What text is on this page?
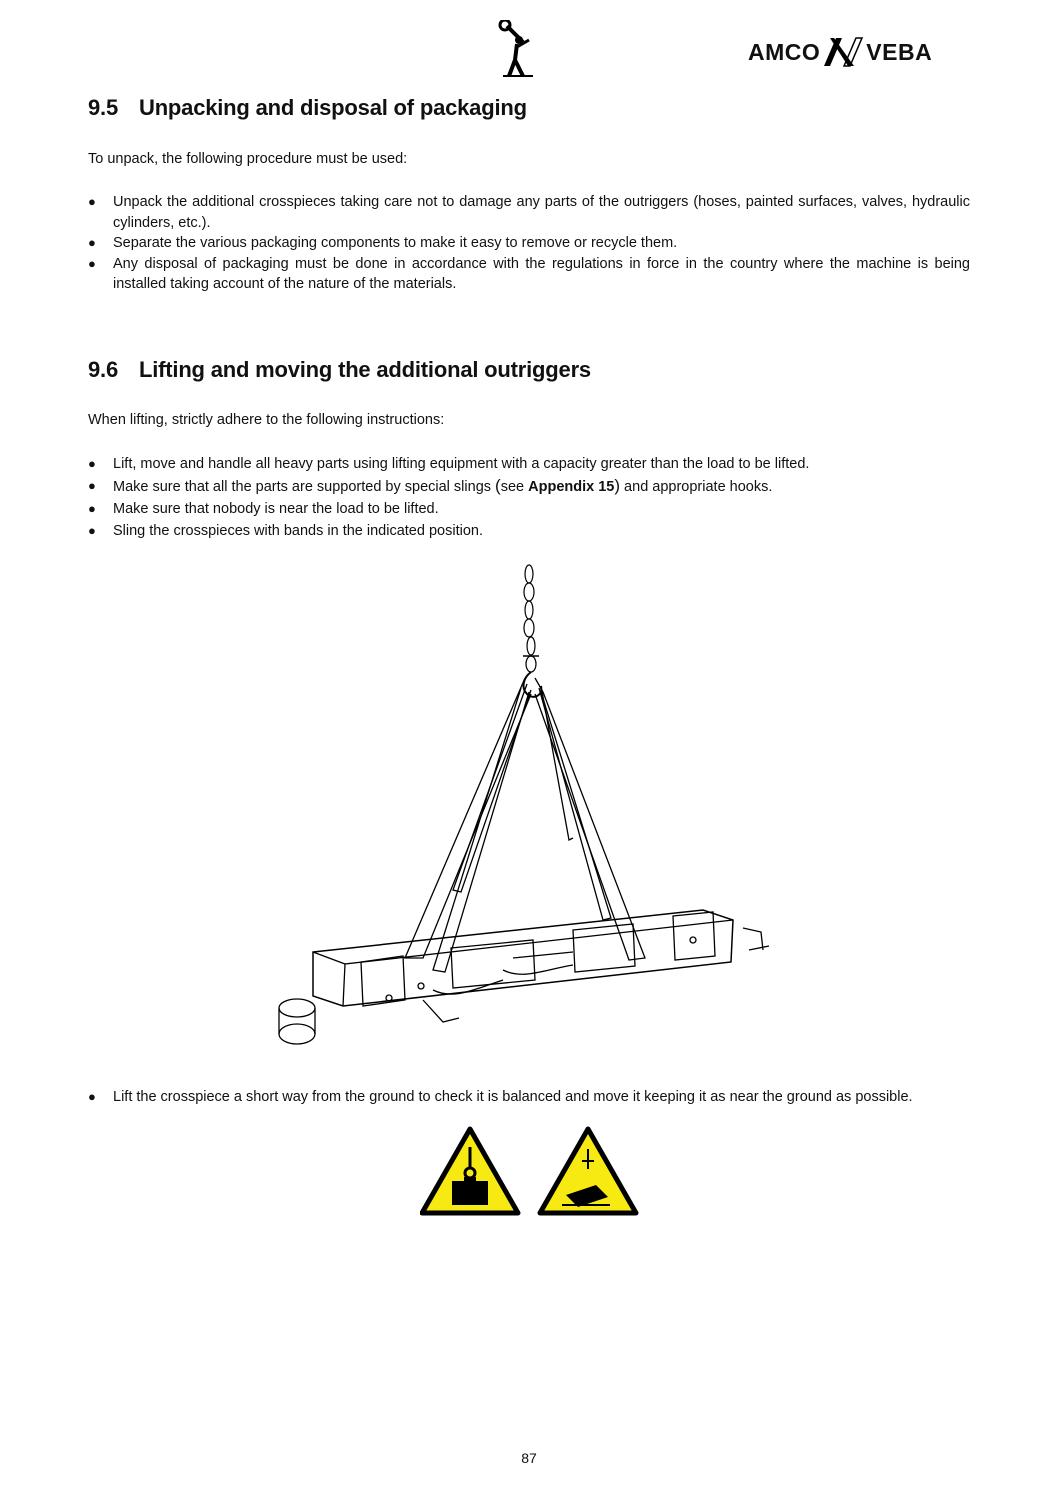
AMCO VEBA
9.5 Unpacking and disposal of packaging

To unpack, the following procedure must be used:

● Unpack the additional crosspieces taking care not to damage any parts of the outriggers (hoses, painted surfaces, valves, hydraulic cylinders, etc.).
● Separate the various packaging components to make it easy to remove or recycle them.
● Any disposal of packaging must be done in accordance with the regulations in force in the country where the machine is being installed taking account of the nature of the materials.
9.6 Lifting and moving the additional outriggers

When lifting, strictly adhere to the following instructions:

● Lift, move and handle all heavy parts using lifting equipment with a capacity greater than the load to be lifted.
● Make sure that all the parts are supported by special slings (see Appendix 15) and appropriate hooks.
● Make sure that nobody is near the load to be lifted.
● Sling the crosspieces with bands in the indicated position.
● Lift the crosspiece a short way from the ground to check it is balanced and move it keeping it as near the ground as possible.
87
